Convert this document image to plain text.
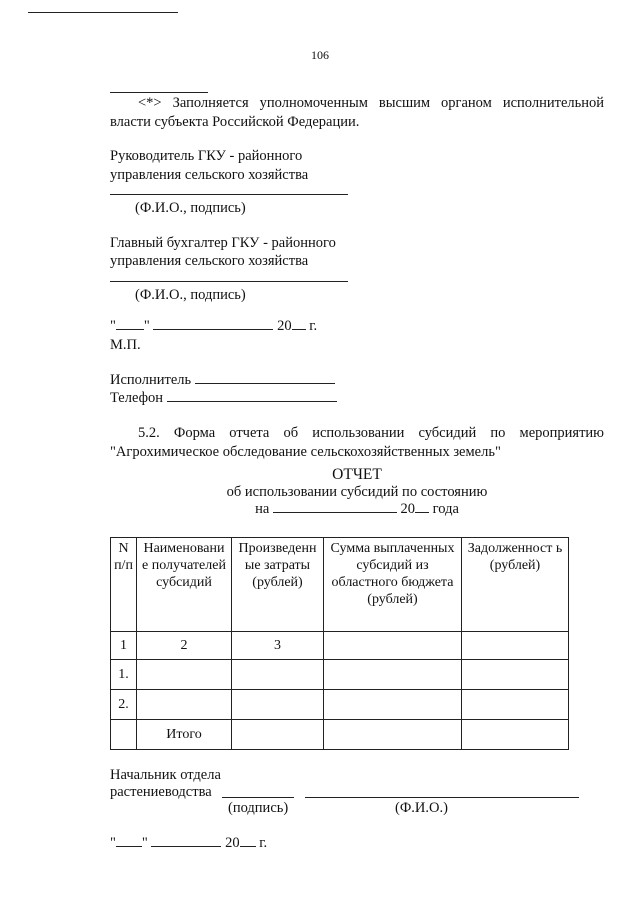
106
<*> Заполняется уполномоченным высшим органом исполнительной власти субъекта Российской Федерации.
Руководитель ГКУ - районного
управления сельского хозяйства
(Ф.И.О., подпись)
Главный бухгалтер ГКУ - районного
управления сельского хозяйства
(Ф.И.О., подпись)
" "	20 г.
М.П.
Исполнитель
Телефон
5.2. Форма отчета об использовании субсидий по мероприятию "Агрохимическое обследование сельскохозяйственных земель"
ОТЧЕТ
об использовании субсидий по состоянию
на	20 года
N п/п	Наименовани е получателей субсидий	Произведенн ые затраты (рублей)	Сумма выплаченных субсидий из областного бюджета (рублей)	Задолженност ь (рублей)
1	2	3		
1.				
2.				
	Итого			
Начальник отдела
растениеводства
(подпись)	(Ф.И.О.)
" "	20 г.
